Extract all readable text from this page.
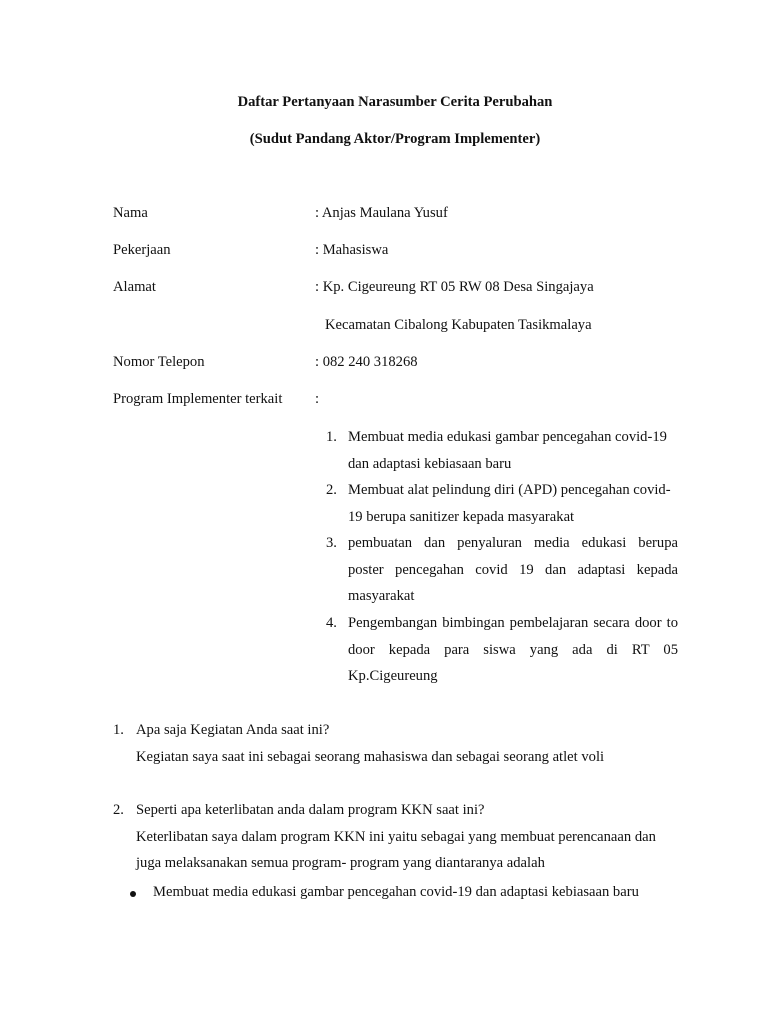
Daftar Pertanyaan Narasumber Cerita Perubahan
(Sudut Pandang Aktor/Program Implementer)
Nama	: Anjas Maulana Yusuf
Pekerjaan	: Mahasiswa
Alamat	: Kp. Cigeureung RT 05 RW 08 Desa Singajaya
Kecamatan Cibalong Kabupaten Tasikmalaya
Nomor Telepon	: 082 240 318268
Program Implementer terkait :
1. Membuat media edukasi gambar pencegahan covid-19
dan adaptasi kebiasaan baru
2. Membuat alat pelindung diri (APD) pencegahan covid-
19 berupa sanitizer kepada masyarakat
3. pembuatan dan penyaluran media edukasi berupa
poster pencegahan covid 19 dan adaptasi kepada
masyarakat
4. Pengembangan bimbingan pembelajaran secara door to
door kepada para siswa yang ada di RT 05
Kp.Cigeureung
1. Apa saja Kegiatan Anda saat ini?
Kegiatan saya saat ini sebagai seorang mahasiswa dan sebagai seorang atlet voli
2. Seperti apa keterlibatan anda dalam program KKN saat ini?
Keterlibatan saya dalam program KKN ini yaitu sebagai yang membuat perencanaan dan
juga melaksanakan semua program- program yang diantaranya adalah
Membuat media edukasi gambar pencegahan covid-19 dan adaptasi kebiasaan baru
